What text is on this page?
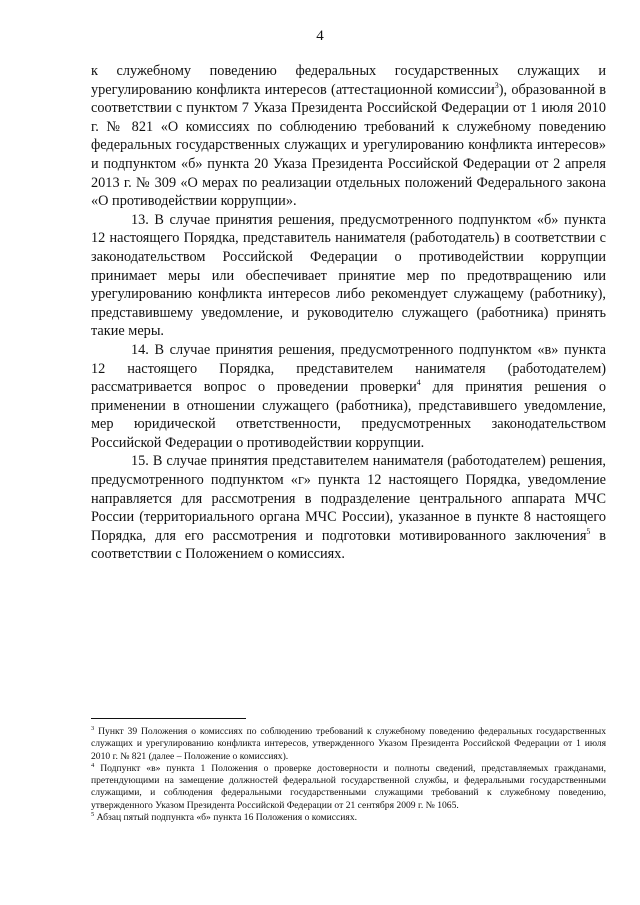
4

к служебному поведению федеральных государственных служащих и урегулированию конфликта интересов (аттестационной комиссии$^3$), образованной в соответствии с пунктом 7 Указа Президента Российской Федерации от 1 июля 2010 г. № 821 «О комиссиях по соблюдению требований к служебному поведению федеральных государственных служащих и урегулированию конфликта интересов» и подпунктом «б» пункта 20 Указа Президента Российской Федерации от 2 апреля 2013 г. № 309 «О мерах по реализации отдельных положений Федерального закона «О противодействии коррупции».

13. В случае принятия решения, предусмотренного подпунктом «б» пункта 12 настоящего Порядка, представитель нанимателя (работодатель) в соответствии с законодательством Российской Федерации о противодействии коррупции принимает меры или обеспечивает принятие мер по предотвращению или урегулированию конфликта интересов либо рекомендует служащему (работнику), представившему уведомление, и руководителю служащего (работника) принять такие меры.

14. В случае принятия решения, предусмотренного подпунктом «в» пункта 12 настоящего Порядка, представителем нанимателя (работодателем) рассматривается вопрос о проведении проверки$^4$ для принятия решения о применении в отношении служащего (работника), представившего уведомление, мер юридической ответственности, предусмотренных законодательством Российской Федерации о противодействии коррупции.

15. В случае принятия представителем нанимателя (работодателем) решения, предусмотренного подпунктом «г» пункта 12 настоящего Порядка, уведомление направляется для рассмотрения в подразделение центрального аппарата МЧС России (территориального органа МЧС России), указанное в пункте 8 настоящего Порядка, для его рассмотрения и подготовки мотивированного заключения$^5$ в соответствии с Положением о комиссиях.

$^3$ Пункт 39 Положения о комиссиях по соблюдению требований к служебному поведению федеральных государственных служащих и урегулированию конфликта интересов, утвержденного Указом Президента Российской Федерации от 1 июля 2010 г. № 821 (далее – Положение о комиссиях).

$^4$ Подпункт «в» пункта 1 Положения о проверке достоверности и полноты сведений, представляемых гражданами, претендующими на замещение должностей федеральной государственной службы, и федеральными государственными служащими, и соблюдения федеральными государственными служащими требований к служебному поведению, утвержденного Указом Президента Российской Федерации от 21 сентября 2009 г. № 1065.

$^5$ Абзац пятый подпункта «б» пункта 16 Положения о комиссиях.
